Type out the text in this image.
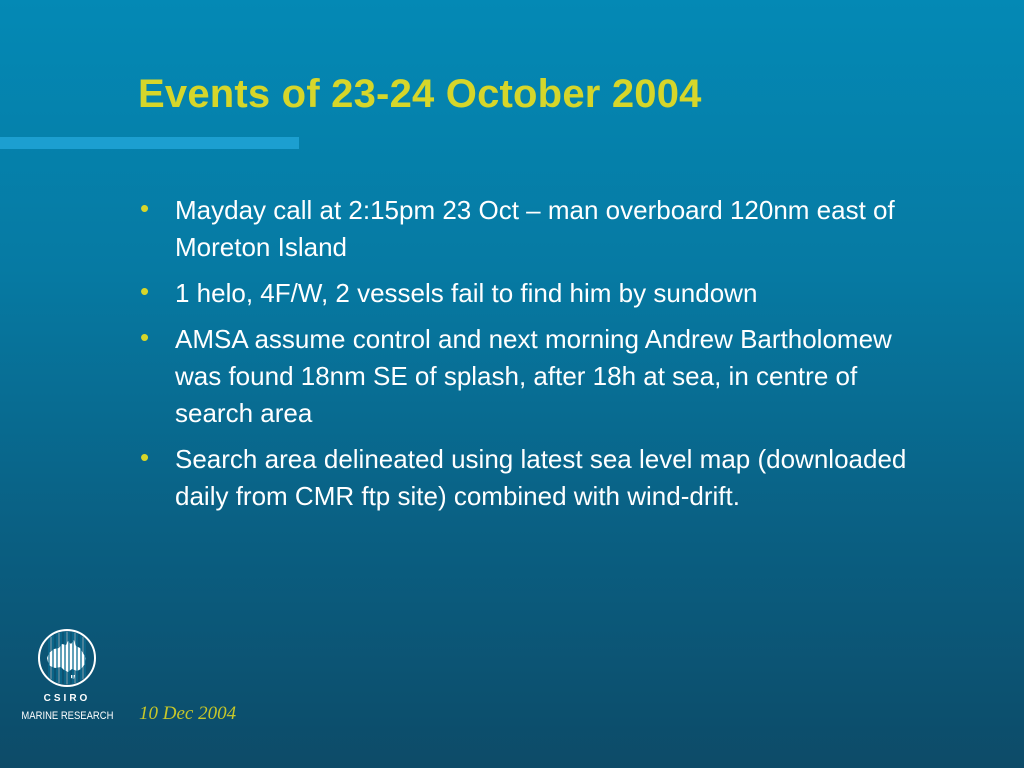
Events of 23-24 October 2004
• Mayday call at 2:15pm 23 Oct – man overboard 120nm east of Moreton Island
• 1 helo, 4F/W, 2 vessels fail to find him by sundown
• AMSA assume control and next morning Andrew Bartholomew was found 18nm SE of splash, after 18h at sea, in centre of search area
• Search area delineated using latest sea level map (downloaded daily from CMR ftp site) combined with wind-drift.
CSIRO
MARINE RESEARCH 10 Dec 2004
